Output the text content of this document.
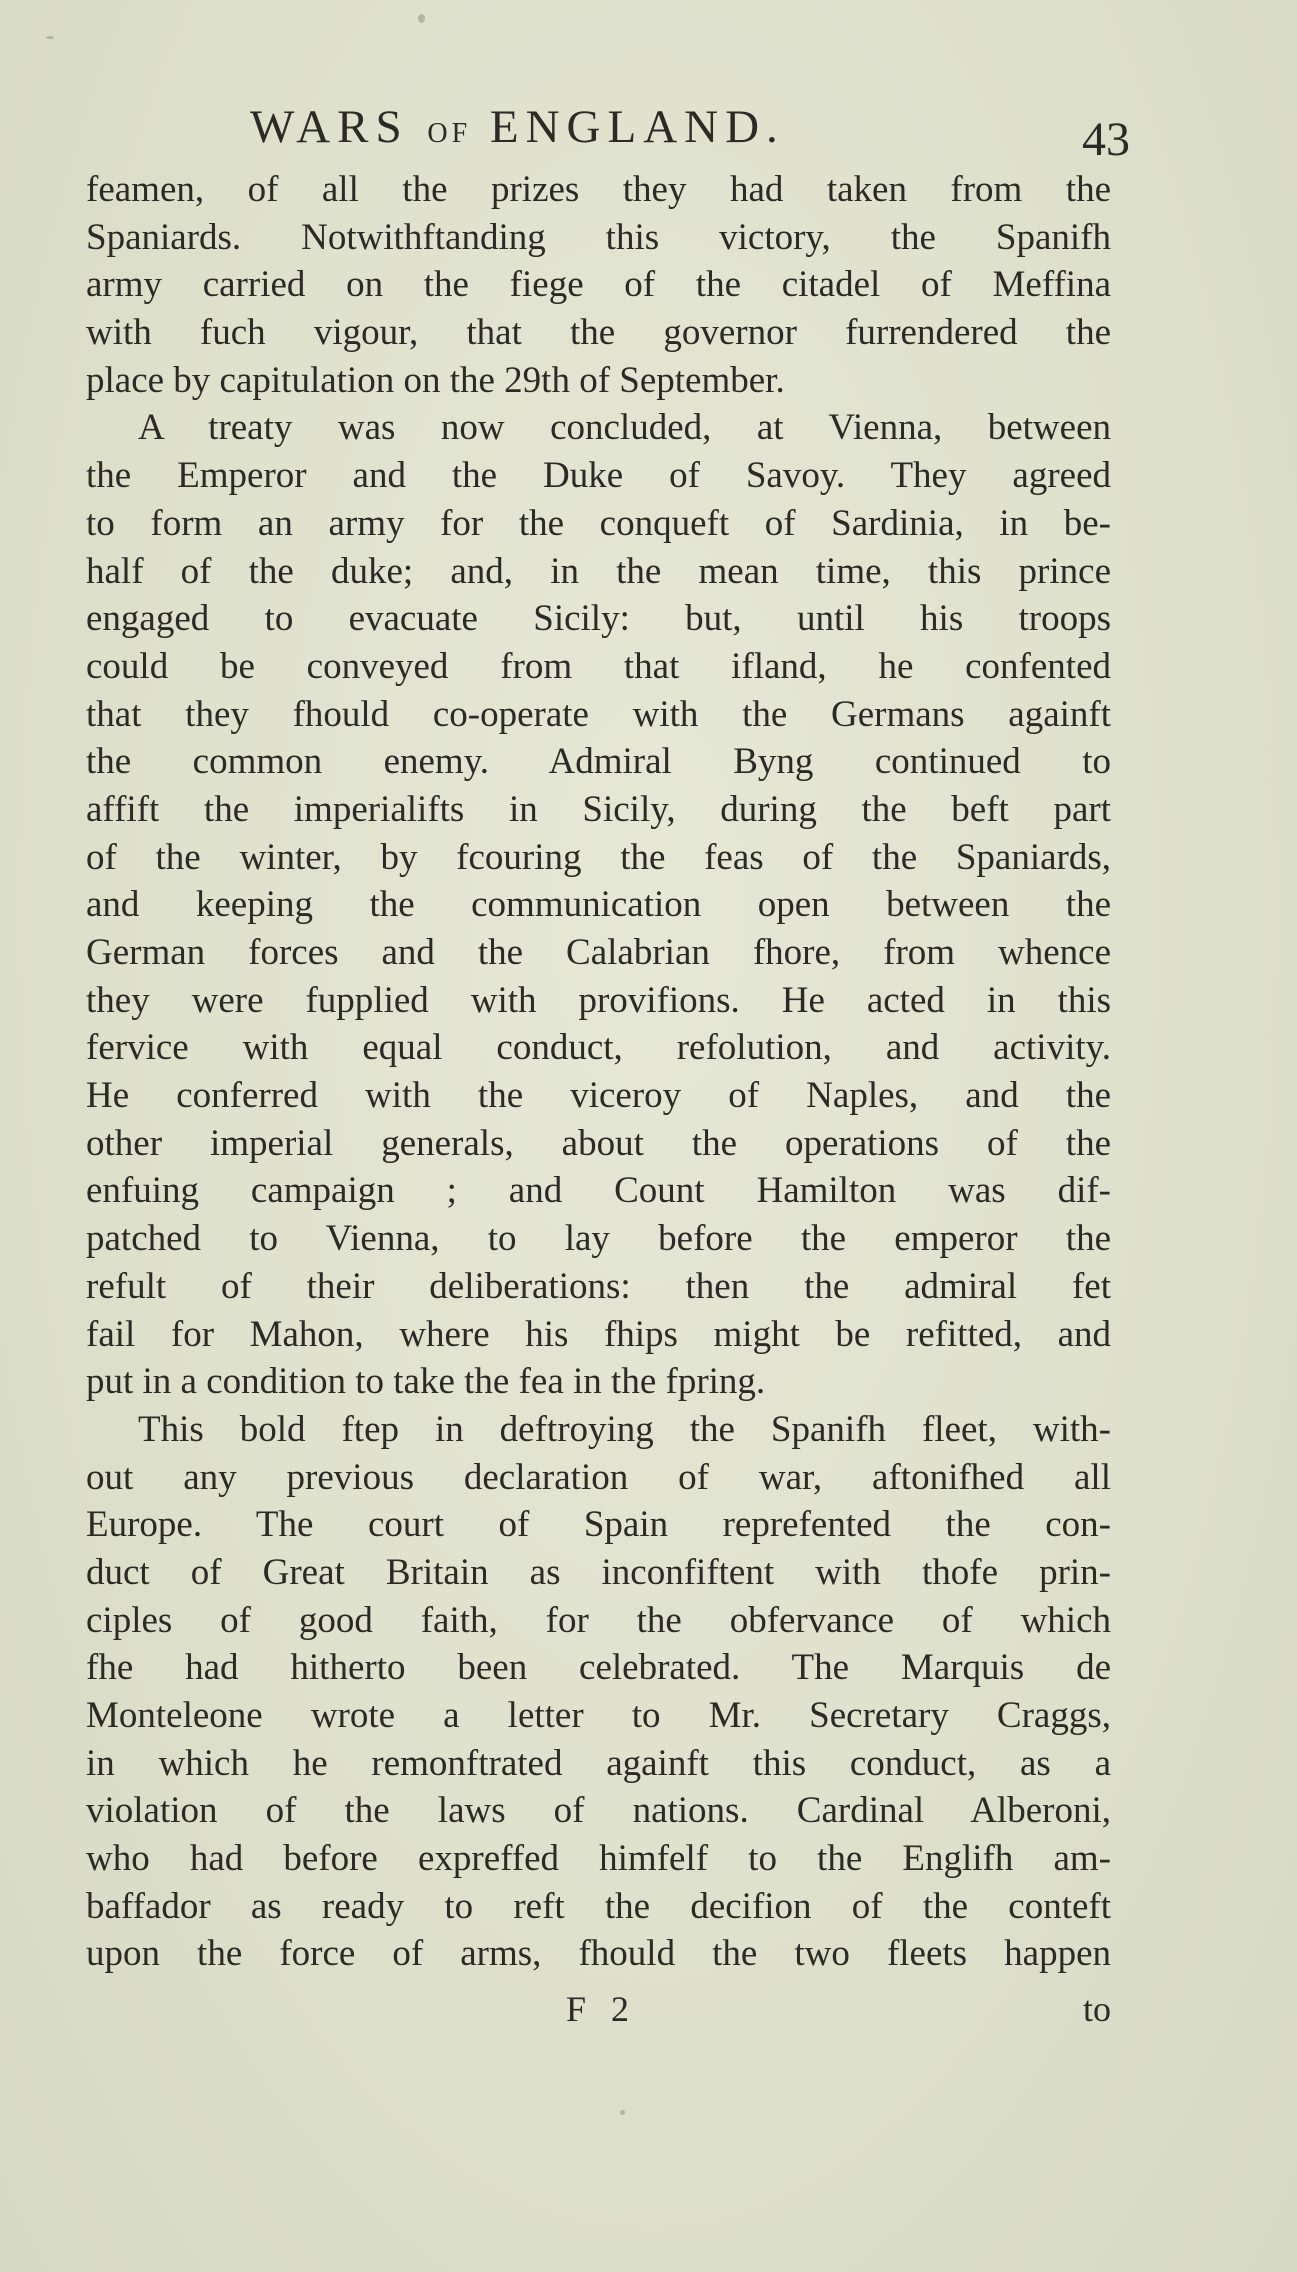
WARS OF ENGLAND.	43
feamen, of all the prizes they had taken from the
Spaniards. Notwithftanding this victory, the Spanifh
army carried on the fiege of the citadel of Meffina
with fuch vigour, that the governor furrendered the
place by capitulation on the 29th of September.
A treaty was now concluded, at Vienna, between
the Emperor and the Duke of Savoy. They agreed
to form an army for the conqueft of Sardinia, in be-
half of the duke; and, in the mean time, this prince
engaged to evacuate Sicily: but, until his troops
could be conveyed from that ifland, he confented
that they fhould co-operate with the Germans againft
the common enemy. Admiral Byng continued to
affift the imperialifts in Sicily, during the beft part
of the winter, by fcouring the feas of the Spaniards,
and keeping the communication open between the
German forces and the Calabrian fhore, from whence
they were fupplied with provifions. He acted in this
fervice with equal conduct, refolution, and activity.
He conferred with the viceroy of Naples, and the
other imperial generals, about the operations of the
enfuing campaign ; and Count Hamilton was dif-
patched to Vienna, to lay before the emperor the
refult of their deliberations: then the admiral fet
fail for Mahon, where his fhips might be refitted, and
put in a condition to take the fea in the fpring.
This bold ftep in deftroying the Spanifh fleet, with-
out any previous declaration of war, aftonifhed all
Europe. The court of Spain reprefented the con-
duct of Great Britain as inconfiftent with thofe prin-
ciples of good faith, for the obfervance of which
fhe had hitherto been celebrated. The Marquis de
Monteleone wrote a letter to Mr. Secretary Craggs,
in which he remonftrated againft this conduct, as a
violation of the laws of nations. Cardinal Alberoni,
who had before expreffed himfelf to the Englifh am-
baffador as ready to reft the decifion of the conteft
upon the force of arms, fhould the two fleets happen
F 2	to
